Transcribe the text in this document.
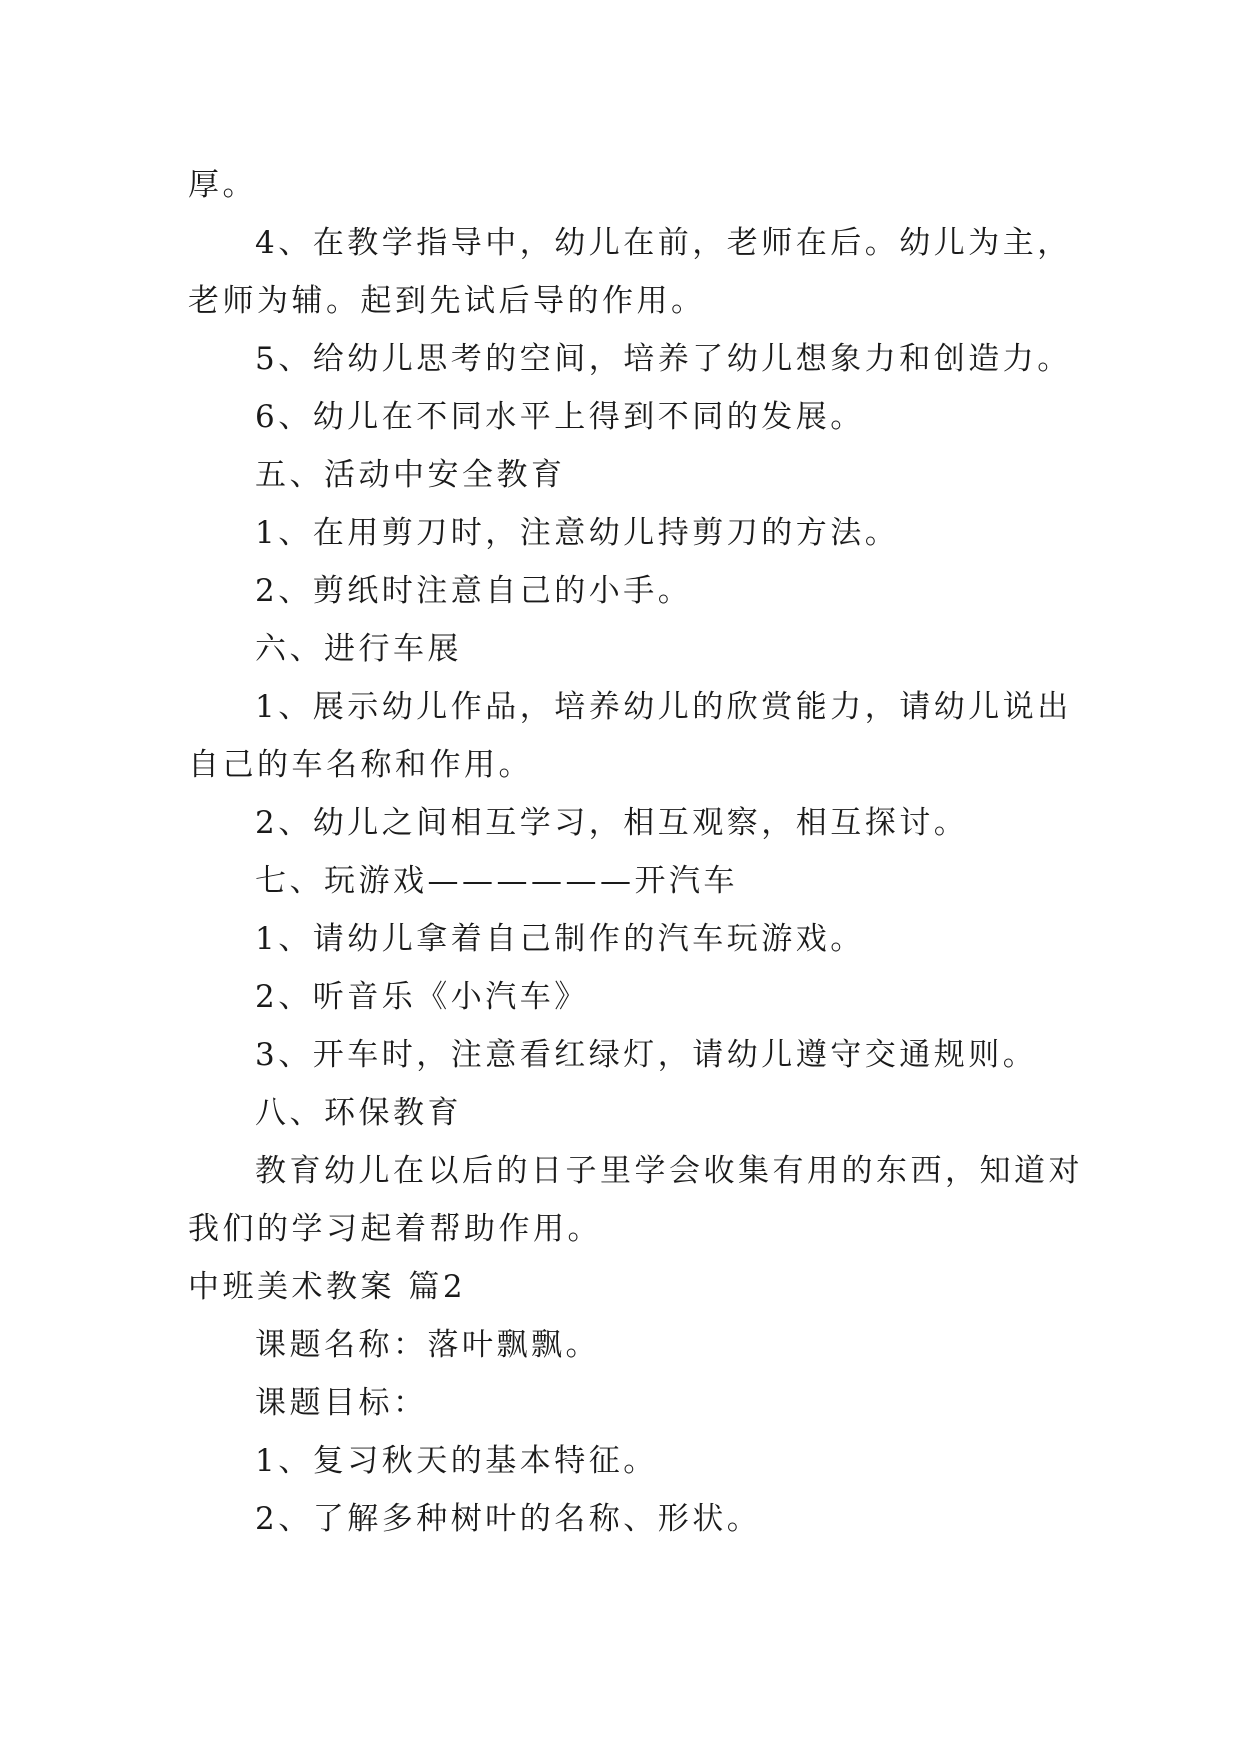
厚。
4、在教学指导中，幼儿在前，老师在后。幼儿为主，
老师为辅。起到先试后导的作用。
5、给幼儿思考的空间，培养了幼儿想象力和创造力。
6、幼儿在不同水平上得到不同的发展。
五、活动中安全教育
1、在用剪刀时，注意幼儿持剪刀的方法。
2、剪纸时注意自己的小手。
六、进行车展
1、展示幼儿作品，培养幼儿的欣赏能力，请幼儿说出
自己的车名称和作用。
2、幼儿之间相互学习，相互观察，相互探讨。
七、玩游戏——————开汽车
1、请幼儿拿着自己制作的汽车玩游戏。
2、听音乐《小汽车》
3、开车时，注意看红绿灯，请幼儿遵守交通规则。
八、环保教育
教育幼儿在以后的日子里学会收集有用的东西，知道对
我们的学习起着帮助作用。
中班美术教案 篇2
课题名称：落叶飘飘。
课题目标：
1、复习秋天的基本特征。
2、了解多种树叶的名称、形状。
